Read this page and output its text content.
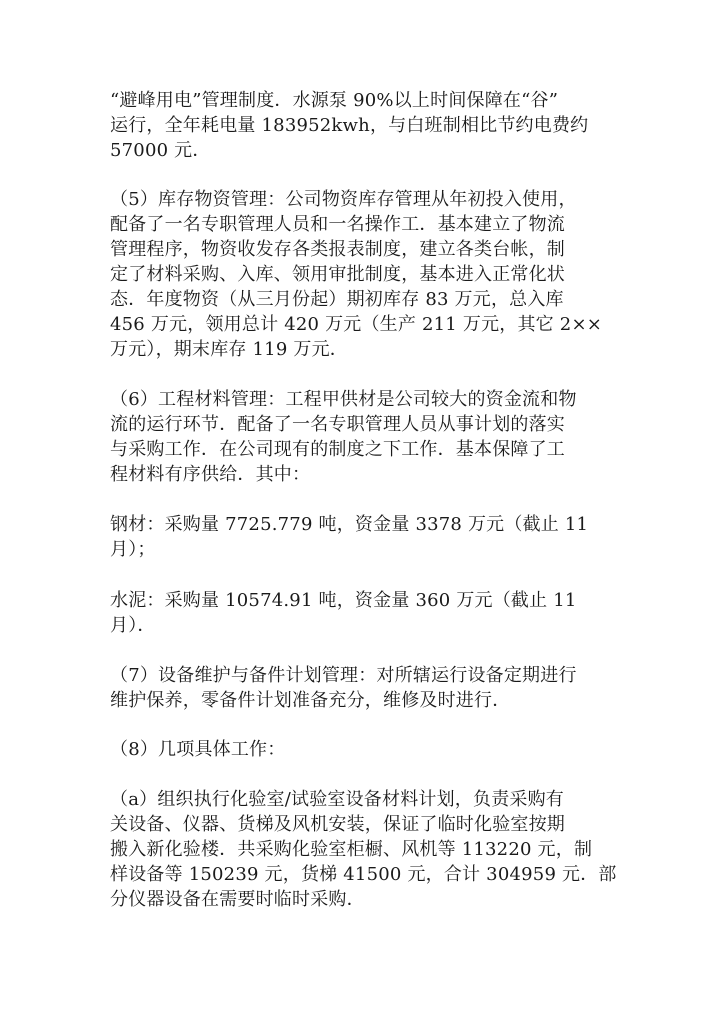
“避峰用电”管理制度．水源泵 90%以上时间保障在“谷”
运行，全年耗电量 183952kwh，与白班制相比节约电费约
57000 元．
（5）库存物资管理：公司物资库存管理从年初投入使用，
配备了一名专职管理人员和一名操作工．基本建立了物流
管理程序，物资收发存各类报表制度，建立各类台帐，制
定了材料采购、入库、领用审批制度，基本进入正常化状
态．年度物资（从三月份起）期初库存 83 万元，总入库
456 万元，领用总计 420 万元（生产 211 万元，其它 2××
万元），期末库存 119 万元．
（6）工程材料管理：工程甲供材是公司较大的资金流和物
流的运行环节．配备了一名专职管理人员从事计划的落实
与采购工作．在公司现有的制度之下工作．基本保障了工
程材料有序供给．其中：
钢材：采购量 7725.779 吨，资金量 3378 万元（截止 11
月）；
水泥：采购量 10574.91 吨，资金量 360 万元（截止 11
月）．
（7）设备维护与备件计划管理：对所辖运行设备定期进行
维护保养，零备件计划准备充分，维修及时进行．
（8）几项具体工作：
（a）组织执行化验室/试验室设备材料计划，负责采购有
关设备、仪器、货梯及风机安装，保证了临时化验室按期
搬入新化验楼．共采购化验室柜橱、风机等 113220 元，制
样设备等 150239 元，货梯 41500 元，合计 304959 元．部
分仪器设备在需要时临时采购．
